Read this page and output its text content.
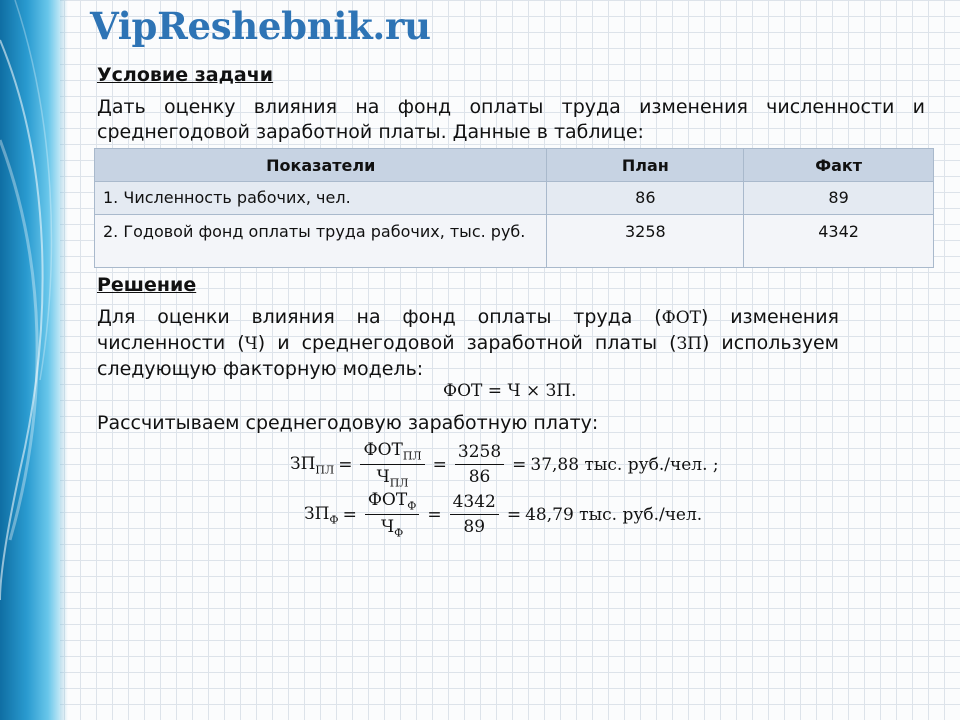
VipReshebnik.ru
Условие задачи

Дать оценку влияния на фонд оплаты труда изменения численности и среднегодовой заработной платы. Данные в таблице:

Показатели	План	Факт
1. Численность рабочих, чел.	86	89
2. Годовой фонд оплаты труда рабочих, тыс. руб.	3258	4342
Решение

Для оценки влияния на фонд оплаты труда (ФОТ) изменения численности (Ч) и среднегодовой заработной платы (ЗП) используем следующую факторную модель:

ФОТ = Ч × ЗП.

Рассчитываем среднегодовую заработную плату:

$ЗП_{ПЛ} = \frac{ФОТ_{ПЛ}}{Ч_{ПЛ}} = \frac{3258}{86} = 37,88$ тыс. руб./чел. ;
$ЗП_Ф = \frac{ФОТ_Ф}{Ч_Ф} = \frac{4342}{89} = 48,79$ тыс. руб./чел.
